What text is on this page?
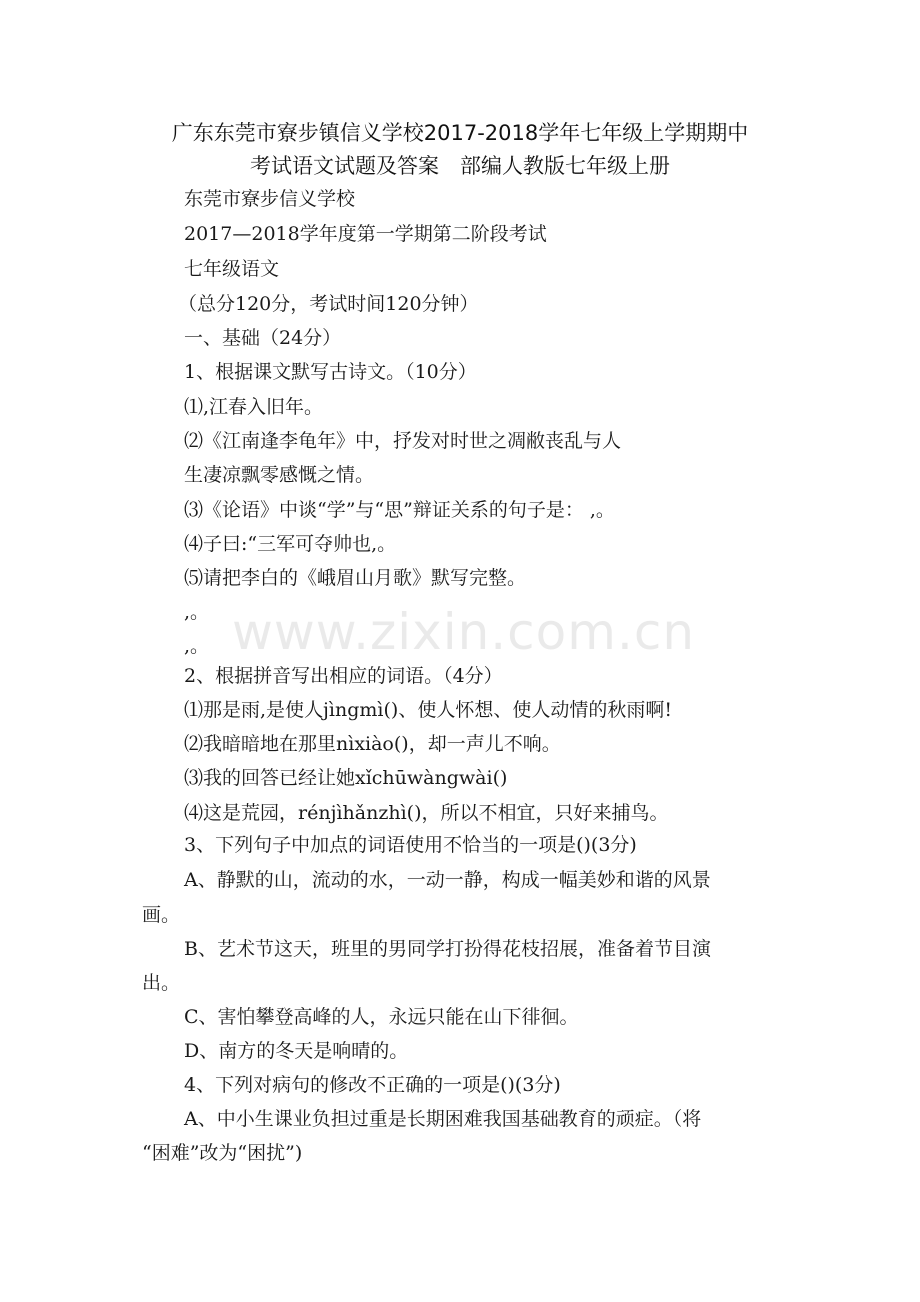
广东东莞市寮步镇信义学校2017-2018学年七年级上学期期中
考试语文试题及答案　部编人教版七年级上册
东莞市寮步信义学校
2017—2018学年度第一学期第二阶段考试
七年级语文
（总分120分，考试时间120分钟）
一、基础（24分）
1、根据课文默写古诗文。（10分）
⑴,江春入旧年。
⑵《江南逢李龟年》中，抒发对时世之凋敝丧乱与人
生凄凉飘零感慨之情。
⑶《论语》中谈“学”与“思”辩证关系的句子是： ,。
⑷子曰:“三军可夺帅也,。
⑸请把李白的《峨眉山月歌》默写完整。
,。
,。
2、根据拼音写出相应的词语。（4分）
⑴那是雨,是使人jìngmì()、使人怀想、使人动情的秋雨啊!
⑵我暗暗地在那里nìxiào()，却一声儿不响。
⑶我的回答已经让她xǐchūwàngwài()
⑷这是荒园，rénjìhǎnzhì()，所以不相宜，只好来捕鸟。
3、下列句子中加点的词语使用不恰当的一项是()(3分)
A、静默的山，流动的水，一动一静，构成一幅美妙和谐的风景
画。
B、艺术节这天，班里的男同学打扮得花枝招展，准备着节目演
出。
C、害怕攀登高峰的人，永远只能在山下徘徊。
D、南方的冬天是响晴的。
4、下列对病句的修改不正确的一项是()(3分)
A、中小生课业负担过重是长期困难我国基础教育的顽症。（将
“困难”改为“困扰”)
www.zixin.com.cn
